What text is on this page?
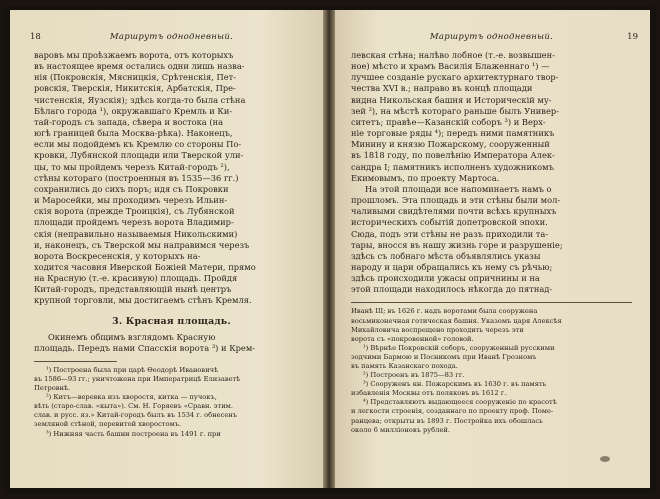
18	Маршрутъ однодневный.

варовъ мы проѣзжаемъ ворота, отъ которыхъ

въ настоящее время остались одни лишь назва-

нія (Покровскія, Мясницкія, Срѣтенскія, Пет-

ровскія, Тверскія, Никитскія, Арбатскія, Пре-

чистенскія, Яузскія); здѣсь когда-то была стѣна

Бѣлаго города ¹), окружавшаго Кремль и Ки-

тай-городъ съ запада, сѣвера и востока (на

югѣ границей была Москва-рѣка). Наконецъ,

если мы подойдемъ къ Кремлю со стороны По-

кровки, Лубянской площади или Тверской ули-

цы, то мы пройдемъ черезъ Китай-городъ ²),

стѣны котораго (построенныя въ 1535—36 гг.)

сохранились до сихъ поръ; идя съ Покровки

и Маросейки, мы проходимъ черезъ Ильин-

скія ворота (прежде Троицкія), съ Лубянской

площади пройдемъ черезъ ворота Владимир-

скія (неправильно называемыя Никольскими)

и, наконецъ, съ Тверской мы направимся черезъ

ворота Воскресенскія, у которыхъ на-

ходится часовня Иверской Божіей Матери, прямо

на Красную (т.-е. красивую) площадь. Пройдя

Китай-городъ, представляющій нынѣ центръ

крупной торговли, мы достигаемъ стѣнъ Кремля.

3. Красная площадь.

Окинемъ общимъ взглядомъ Красную

площадь. Передъ нами Спасскія ворота ³) и Крем-

¹) Построена была при царѣ Ѳеодорѣ Ивановичѣ

въ 1586—93 гг.; уничтожена при Императрицѣ Елизаветѣ

Петровнѣ.

²) Китъ—веревка изъ хворостя, китка — пучокъ,

вѣть (старо-слав. «кыта»). См. Н. Горяевъ «Сравн. этим.

слав. и русс. яз.» Китай-городъ былъ въ 1534 г. обнесенъ

земляной стѣной, перевитой хворостомъ.

³) Нижняя часть башни построена въ 1491 г. при

Маршрутъ однодневный.	19

левская стѣна; налѣво лобное (т.-е. возвышен-

ное) мѣсто и храмъ Василія Блаженнаго ¹) —

лучшее созданіе рускаго архитектурнаго твор-

чества XVI в.; направо въ концѣ площади

видна Никольская башня и Историческій му-

зей ²), на мѣстѣ котораго раньше былъ Универ-

ситетъ; правѣе—Казанскій соборъ ³) и Верх-

ніе торговые ряды ⁴); передъ ними памятникъ

Минину и князю Пожарскому, сооруженный

въ 1818 году, по повелѣнію Императора Алек-

сандра I; памятникъ исполненъ художникомъ

Екимовымъ, по проекту Мартоса.

На этой площади все напоминаетъ намъ о

прошломъ. Эта площадь и эти стѣны были мол-

чаливыми свидѣтелями почти всѣхъ крупныхъ

историческихъ событій допетровской эпохи.

Сюда, подъ эти стѣны не разъ приходили та-

тары, вносся въ нашу жизнь горе и разрушеніе;

здѣсь съ лобнаго мѣста объявлялись указы

народу и цари обращались къ нему съ рѣчью;

здѣсь происходили ужасы опричнины и на

этой площади находилось нѣкогда до пятнад-

Иванѣ III; въ 1626 г. надъ воротами была сооружена

восьмиконечная готическая башня. Указомъ царя Алексѣя

Михайловича воспрещено проходить черезъ эти

ворота съ «покровенной» головой.

¹) Вѣрнѣе Покровскій соборъ, сооруженный русскими

зодчими Бармою и Посникомъ при Иванѣ Грозномъ

въ память Казанскаго похода.

²) Построенъ въ 1875—83 гг.

³) Сооруженъ кн. Пожарскимъ въ 1630 г. въ память

избавленія Москвы отъ поляковъ въ 1612 г.

⁴) Представляютъ выдающееся сооруженіе по красотѣ

и легкости строенія, созданнаго по проекту проф. Поме-

ранцева; открыты въ 1893 г. Постройка ихъ обошлась

около 6 милліоновъ рублей.
